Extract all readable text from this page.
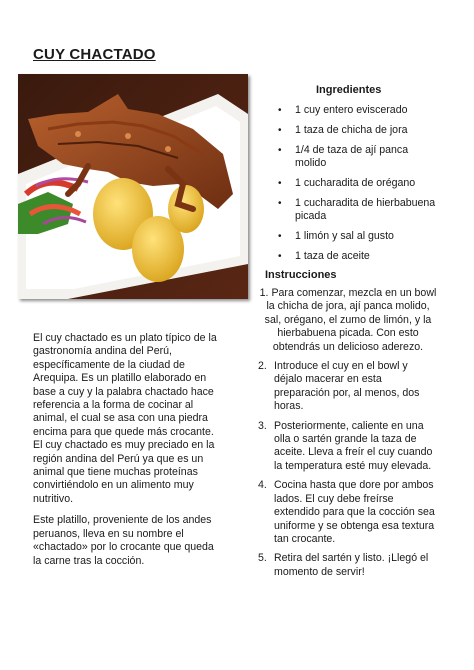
CUY CHACTADO

El cuy chactado es un plato típico de la gastronomía andina del Perú, específicamente de la ciudad de Arequipa. Es un platillo elaborado en base a cuy y la palabra chactado hace referencia a la forma de cocinar al animal, el cual se asa con una piedra encima para que quede más crocante. El cuy chactado es muy preciado en la región andina del Perú ya que es un animal que tiene muchas proteínas convirtiéndolo en un alimento muy nutritivo.

Este platillo, proveniente de los andes peruanos, lleva en su nombre el «chactado» por lo crocante que queda la carne tras la cocción.

Ingredientes
• 1 cuy entero eviscerado
• 1 taza de chicha de jora
• 1/4 de taza de ají panca molido
• 1 cucharadita de orégano
• 1 cucharadita de hierbabuena picada
• 1 limón y sal al gusto
• 1 taza de aceite
Instrucciones
1. Para comenzar, mezcla en un bowl la chicha de jora, ají panca molido, sal, orégano, el zumo de limón, y la hierbabuena picada. Con esto obtendrás un delicioso aderezo.
2. Introduce el cuy en el bowl y déjalo macerar en esta preparación por, al menos, dos horas.
3. Posteriormente, caliente en una olla o sartén grande la taza de aceite. Lleva a freír el cuy cuando la temperatura esté muy elevada.
4. Cocina hasta que dore por ambos lados. El cuy debe freírse extendido para que la cocción sea uniforme y se obtenga esa textura tan crocante.
5. Retira del sartén y listo. ¡Llegó el momento de servir!
